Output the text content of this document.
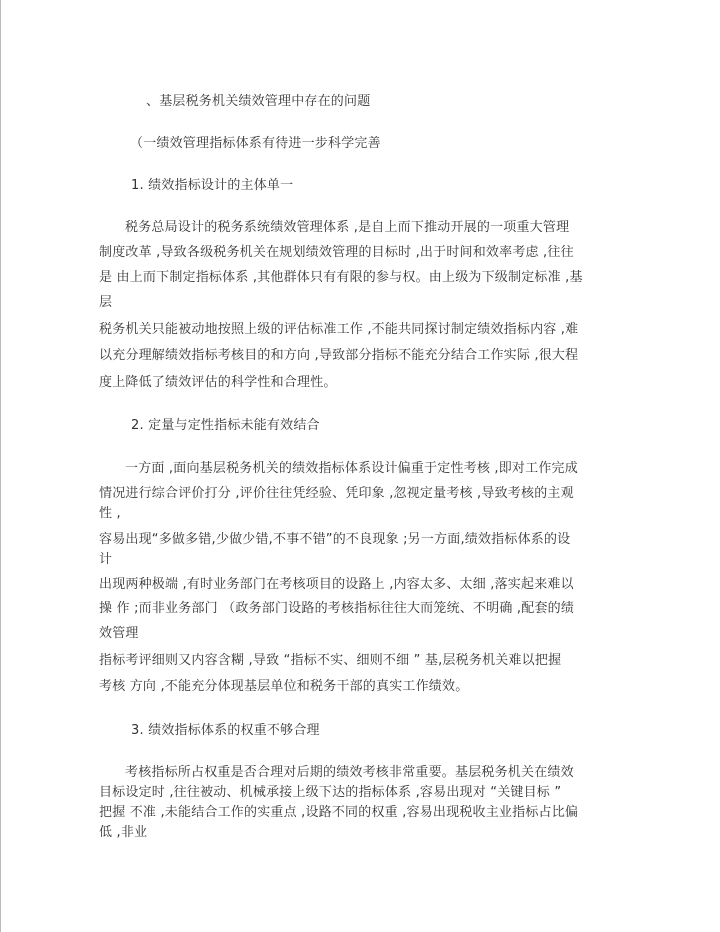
、基层税务机关绩效管理中存在的问题
（一绩效管理指标体系有待进一步科学完善
1. 绩效指标设计的主体单一
税务总局设计的税务系统绩效管理体系 ,是自上而下推动开展的一项重大管理
制度改革 ,导致各级税务机关在规划绩效管理的目标时 ,出于时间和效率考虑 ,往往
是 由上而下制定指标体系 ,其他群体只有有限的参与权。由上级为下级制定标准 ,基
层
税务机关只能被动地按照上级的评估标准工作 ,不能共同探讨制定绩效指标内容 ,难
以充分理解绩效指标考核目的和方向 ,导致部分指标不能充分结合工作实际 ,很大程
度上降低了绩效评估的科学性和合理性。
2. 定量与定性指标未能有效结合
一方面 ,面向基层税务机关的绩效指标体系设计偏重于定性考核 ,即对工作完成
情况进行综合评价打分 ,评价往往凭经验、凭印象 ,忽视定量考核 ,导致考核的主观
性 ,
容易出现“多做多错,少做少错,不事不错”的不良现象 ;另一方面,绩效指标体系的设
计
出现两种极端 ,有时业务部门在考核项目的设路上 ,内容太多、太细 ,落实起来难以
操 作 ;而非业务部门 （政务部门设路的考核指标往往大而笼统、不明确 ,配套的绩
效管理
指标考评细则又内容含糊 ,导致 “指标不实、细则不细 ” 基,层税务机关难以把握
考核 方向 ,不能充分体现基层单位和税务干部的真实工作绩效。
3. 绩效指标体系的权重不够合理
考核指标所占权重是否合理对后期的绩效考核非常重要。基层税务机关在绩效
目标设定时 ,往往被动、机械承接上级下达的指标体系 ,容易出现对 “关键目标 ”
把握 不准 ,未能结合工作的实重点 ,设路不同的权重 ,容易出现税收主业指标占比偏
低 ,非业
